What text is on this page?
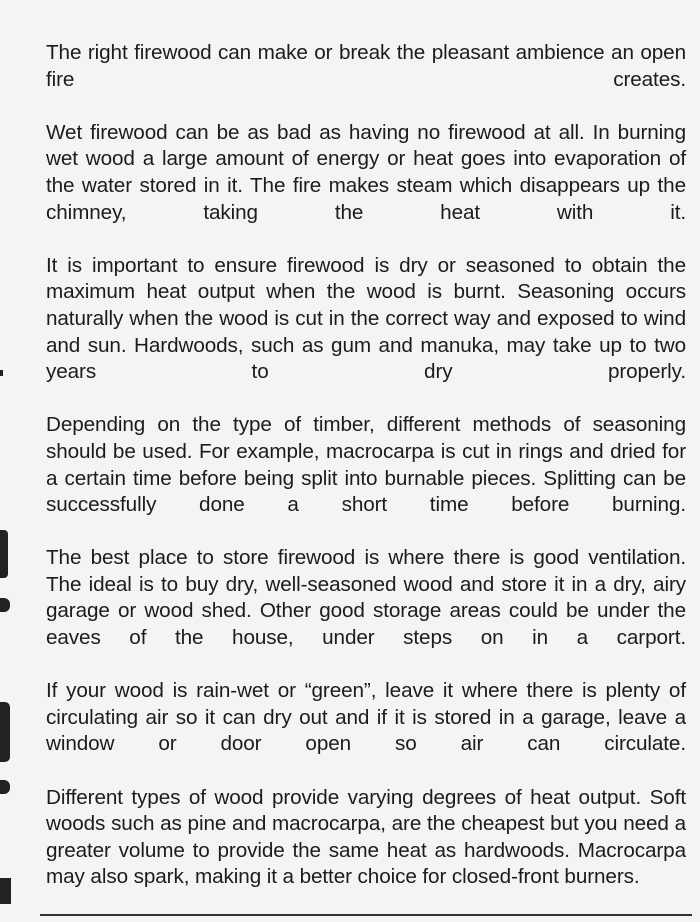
The right firewood can make or break the pleasant ambience an open fire creates.

Wet firewood can be as bad as having no firewood at all. In burning wet wood a large amount of energy or heat goes into evaporation of the water stored in it. The fire makes steam which disappears up the chimney, taking the heat with it.

It is important to ensure firewood is dry or seasoned to obtain the maximum heat output when the wood is burnt. Seasoning occurs naturally when the wood is cut in the correct way and exposed to wind and sun. Hardwoods, such as gum and manuka, may take up to two years to dry properly.

Depending on the type of timber, different methods of seasoning should be used. For example, macrocarpa is cut in rings and dried for a certain time before being split into burnable pieces. Splitting can be successfully done a short time before burning.

The best place to store firewood is where there is good ventilation. The ideal is to buy dry, well-seasoned wood and store it in a dry, airy garage or wood shed. Other good storage areas could be under the eaves of the house, under steps on in a carport.

If your wood is rain-wet or “green”, leave it where there is plenty of circulating air so it can dry out and if it is stored in a garage, leave a window or door open so air can circulate.

Different types of wood provide varying degrees of heat output. Soft woods such as pine and macrocarpa, are the cheapest but you need a greater volume to provide the same heat as hardwoods. Macrocarpa may also spark, making it a better choice for closed-front burners.
